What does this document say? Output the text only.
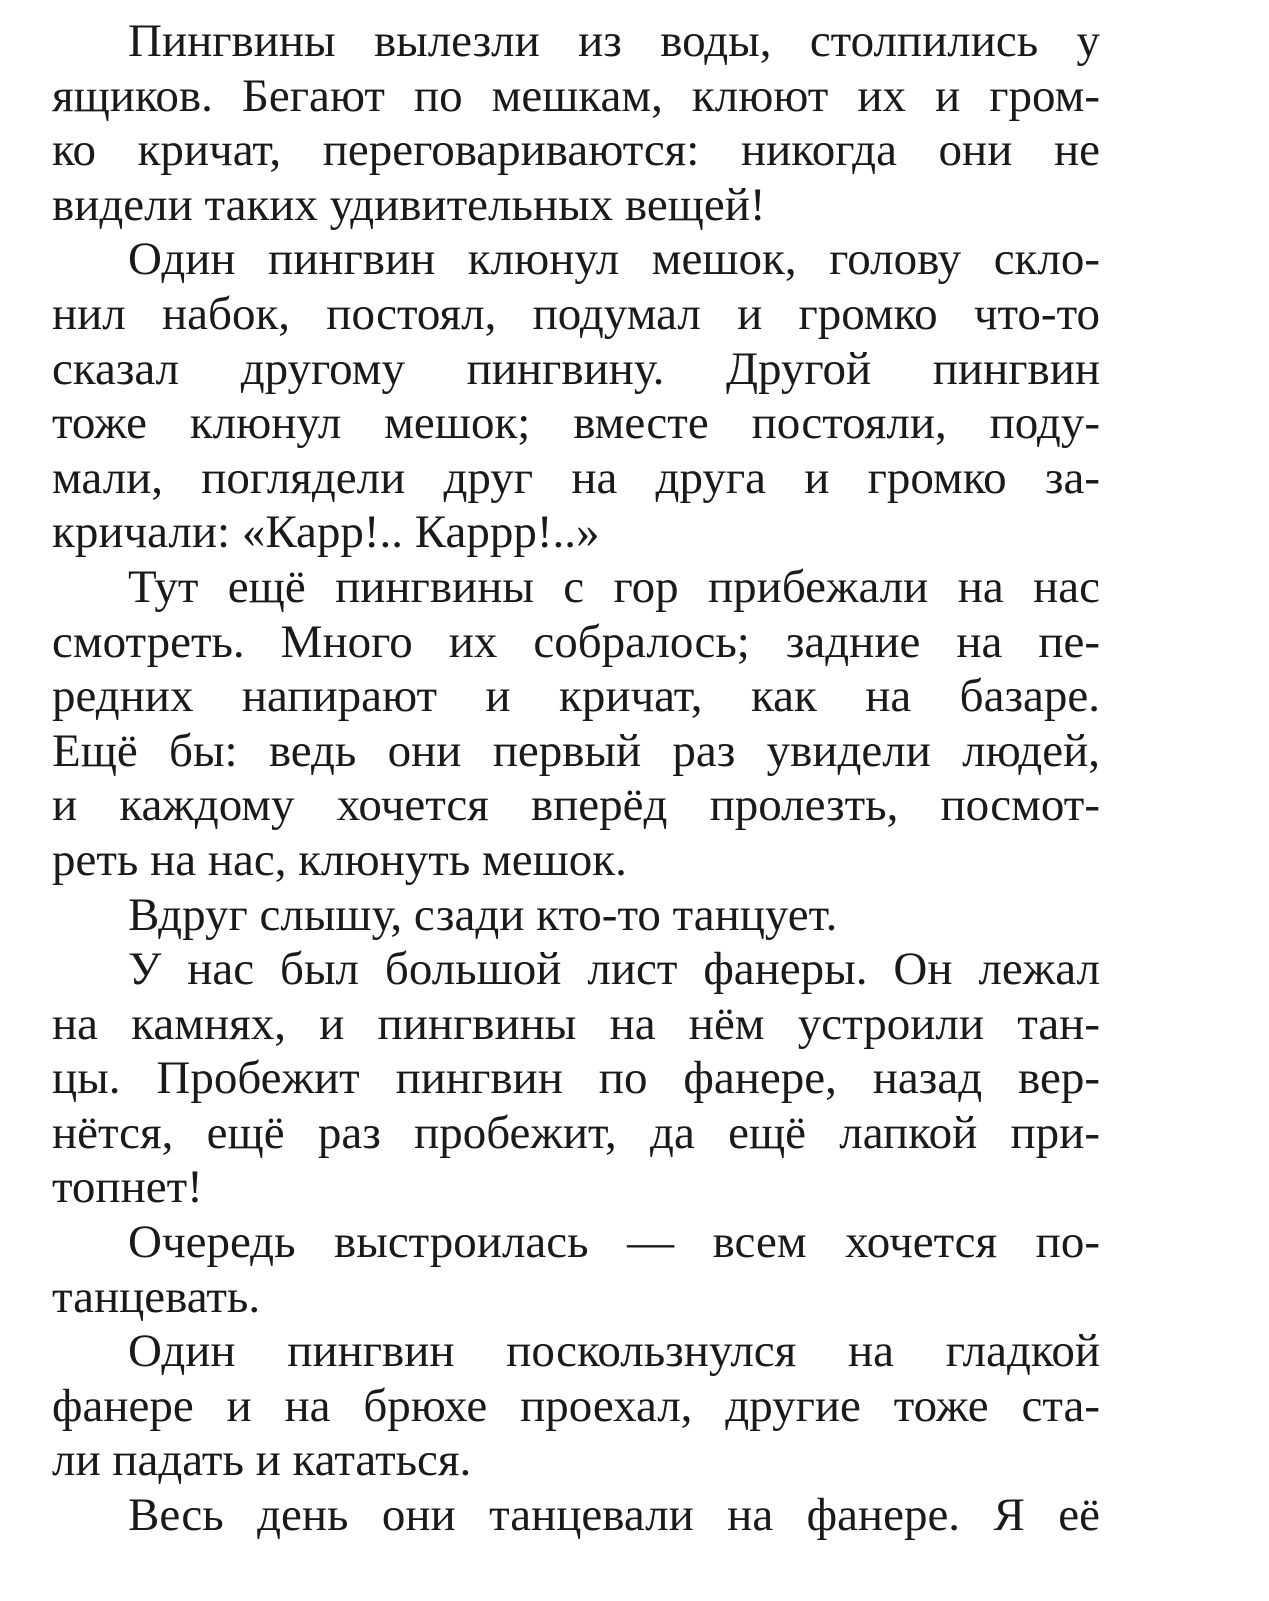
Пингвины вылезли из воды, столпились у
ящиков. Бегают по мешкам, клюют их и гром-
ко кричат, переговариваются: никогда они не
видели таких удивительных вещей!
Один пингвин клюнул мешок, голову скло-
нил набок, постоял, подумал и громко что-то
сказал другому пингвину. Другой пингвин
тоже клюнул мешок; вместе постояли, поду-
мали, поглядели друг на друга и громко за-
кричали: «Карр!.. Каррр!..»
Тут ещё пингвины с гор прибежали на нас
смотреть. Много их собралось; задние на пе-
редних напирают и кричат, как на базаре.
Ещё бы: ведь они первый раз увидели людей,
и каждому хочется вперёд пролезть, посмот-
реть на нас, клюнуть мешок.
Вдруг слышу, сзади кто-то танцует.
У нас был большой лист фанеры. Он лежал
на камнях, и пингвины на нём устроили тан-
цы. Пробежит пингвин по фанере, назад вер-
нётся, ещё раз пробежит, да ещё лапкой при-
топнет!
Очередь выстроилась — всем хочется по-
танцевать.
Один пингвин поскользнулся на гладкой
фанере и на брюхе проехал, другие тоже ста-
ли падать и кататься.
Весь день они танцевали на фанере. Я её
